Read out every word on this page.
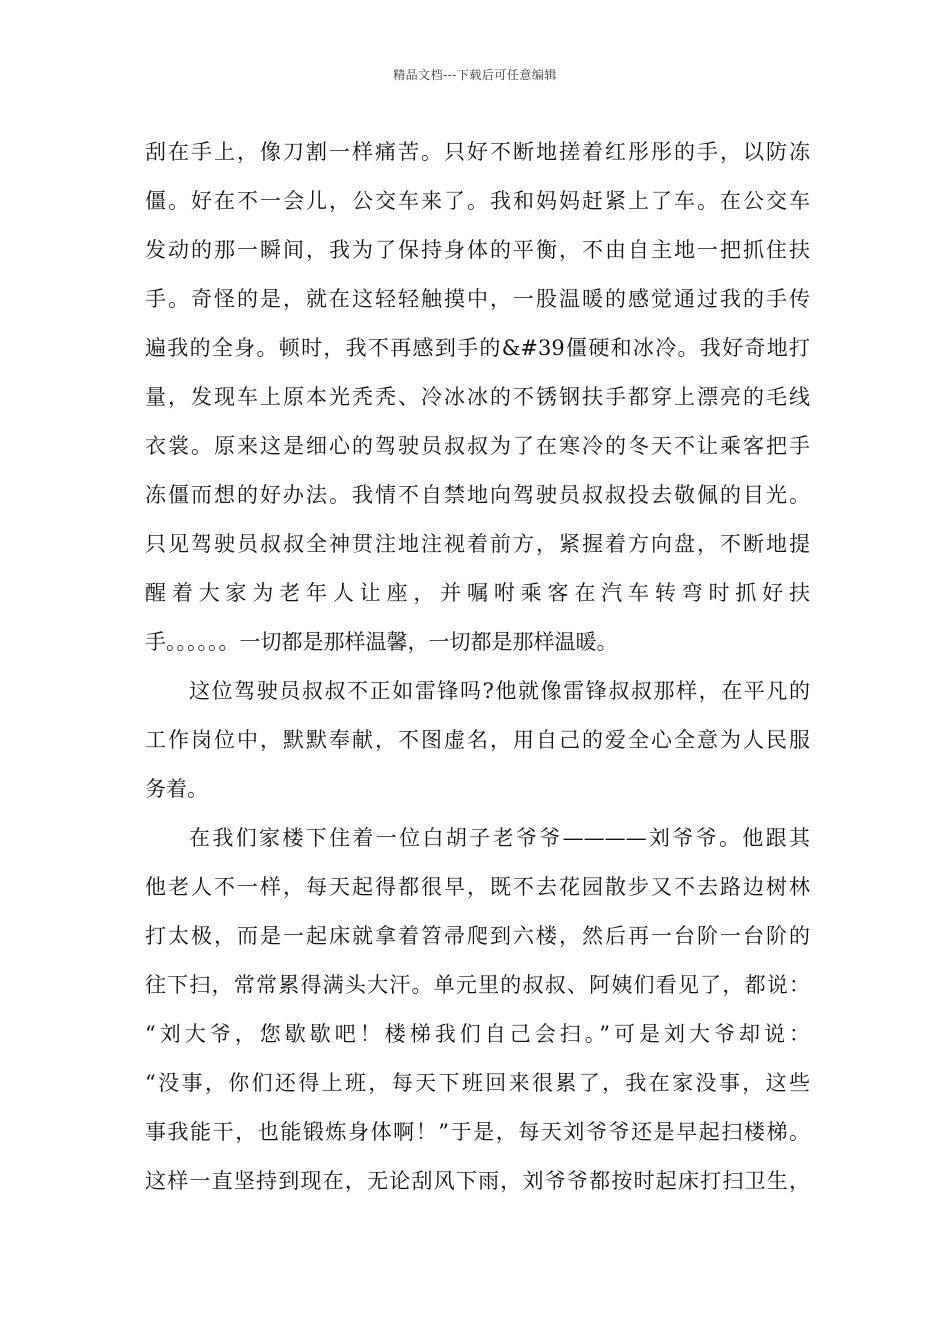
精品文档---下载后可任意编辑
刮在手上，像刀割一样痛苦。只好不断地搓着红彤彤的手，以防冻
僵。好在不一会儿，公交车来了。我和妈妈赶紧上了车。在公交车
发动的那一瞬间，我为了保持身体的平衡，不由自主地一把抓住扶
手。奇怪的是，就在这轻轻触摸中，一股温暖的感觉通过我的手传
遍我的全身。顿时，我不再感到手的&#39僵硬和冰冷。我好奇地打
量，发现车上原本光秃秃、冷冰冰的不锈钢扶手都穿上漂亮的毛线
衣裳。原来这是细心的驾驶员叔叔为了在寒冷的冬天不让乘客把手
冻僵而想的好办法。我情不自禁地向驾驶员叔叔投去敬佩的目光。
只见驾驶员叔叔全神贯注地注视着前方，紧握着方向盘，不断地提
醒着大家为老年人让座，并嘱咐乘客在汽车转弯时抓好扶
手。。。。。。一切都是那样温馨，一切都是那样温暖。
这位驾驶员叔叔不正如雷锋吗?他就像雷锋叔叔那样，在平凡的
工作岗位中，默默奉献，不图虚名，用自己的爱全心全意为人民服
务着。
在我们家楼下住着一位白胡子老爷爷————刘爷爷。他跟其
他老人不一样，每天起得都很早，既不去花园散步又不去路边树林
打太极，而是一起床就拿着笤帚爬到六楼，然后再一台阶一台阶的
往下扫，常常累得满头大汗。单元里的叔叔、阿姨们看见了，都说：
“刘大爷，您歇歇吧！楼梯我们自己会扫。”可是刘大爷却说：
“没事，你们还得上班，每天下班回来很累了，我在家没事，这些
事我能干，也能锻炼身体啊！”于是，每天刘爷爷还是早起扫楼梯。
这样一直坚持到现在，无论刮风下雨，刘爷爷都按时起床打扫卫生，
